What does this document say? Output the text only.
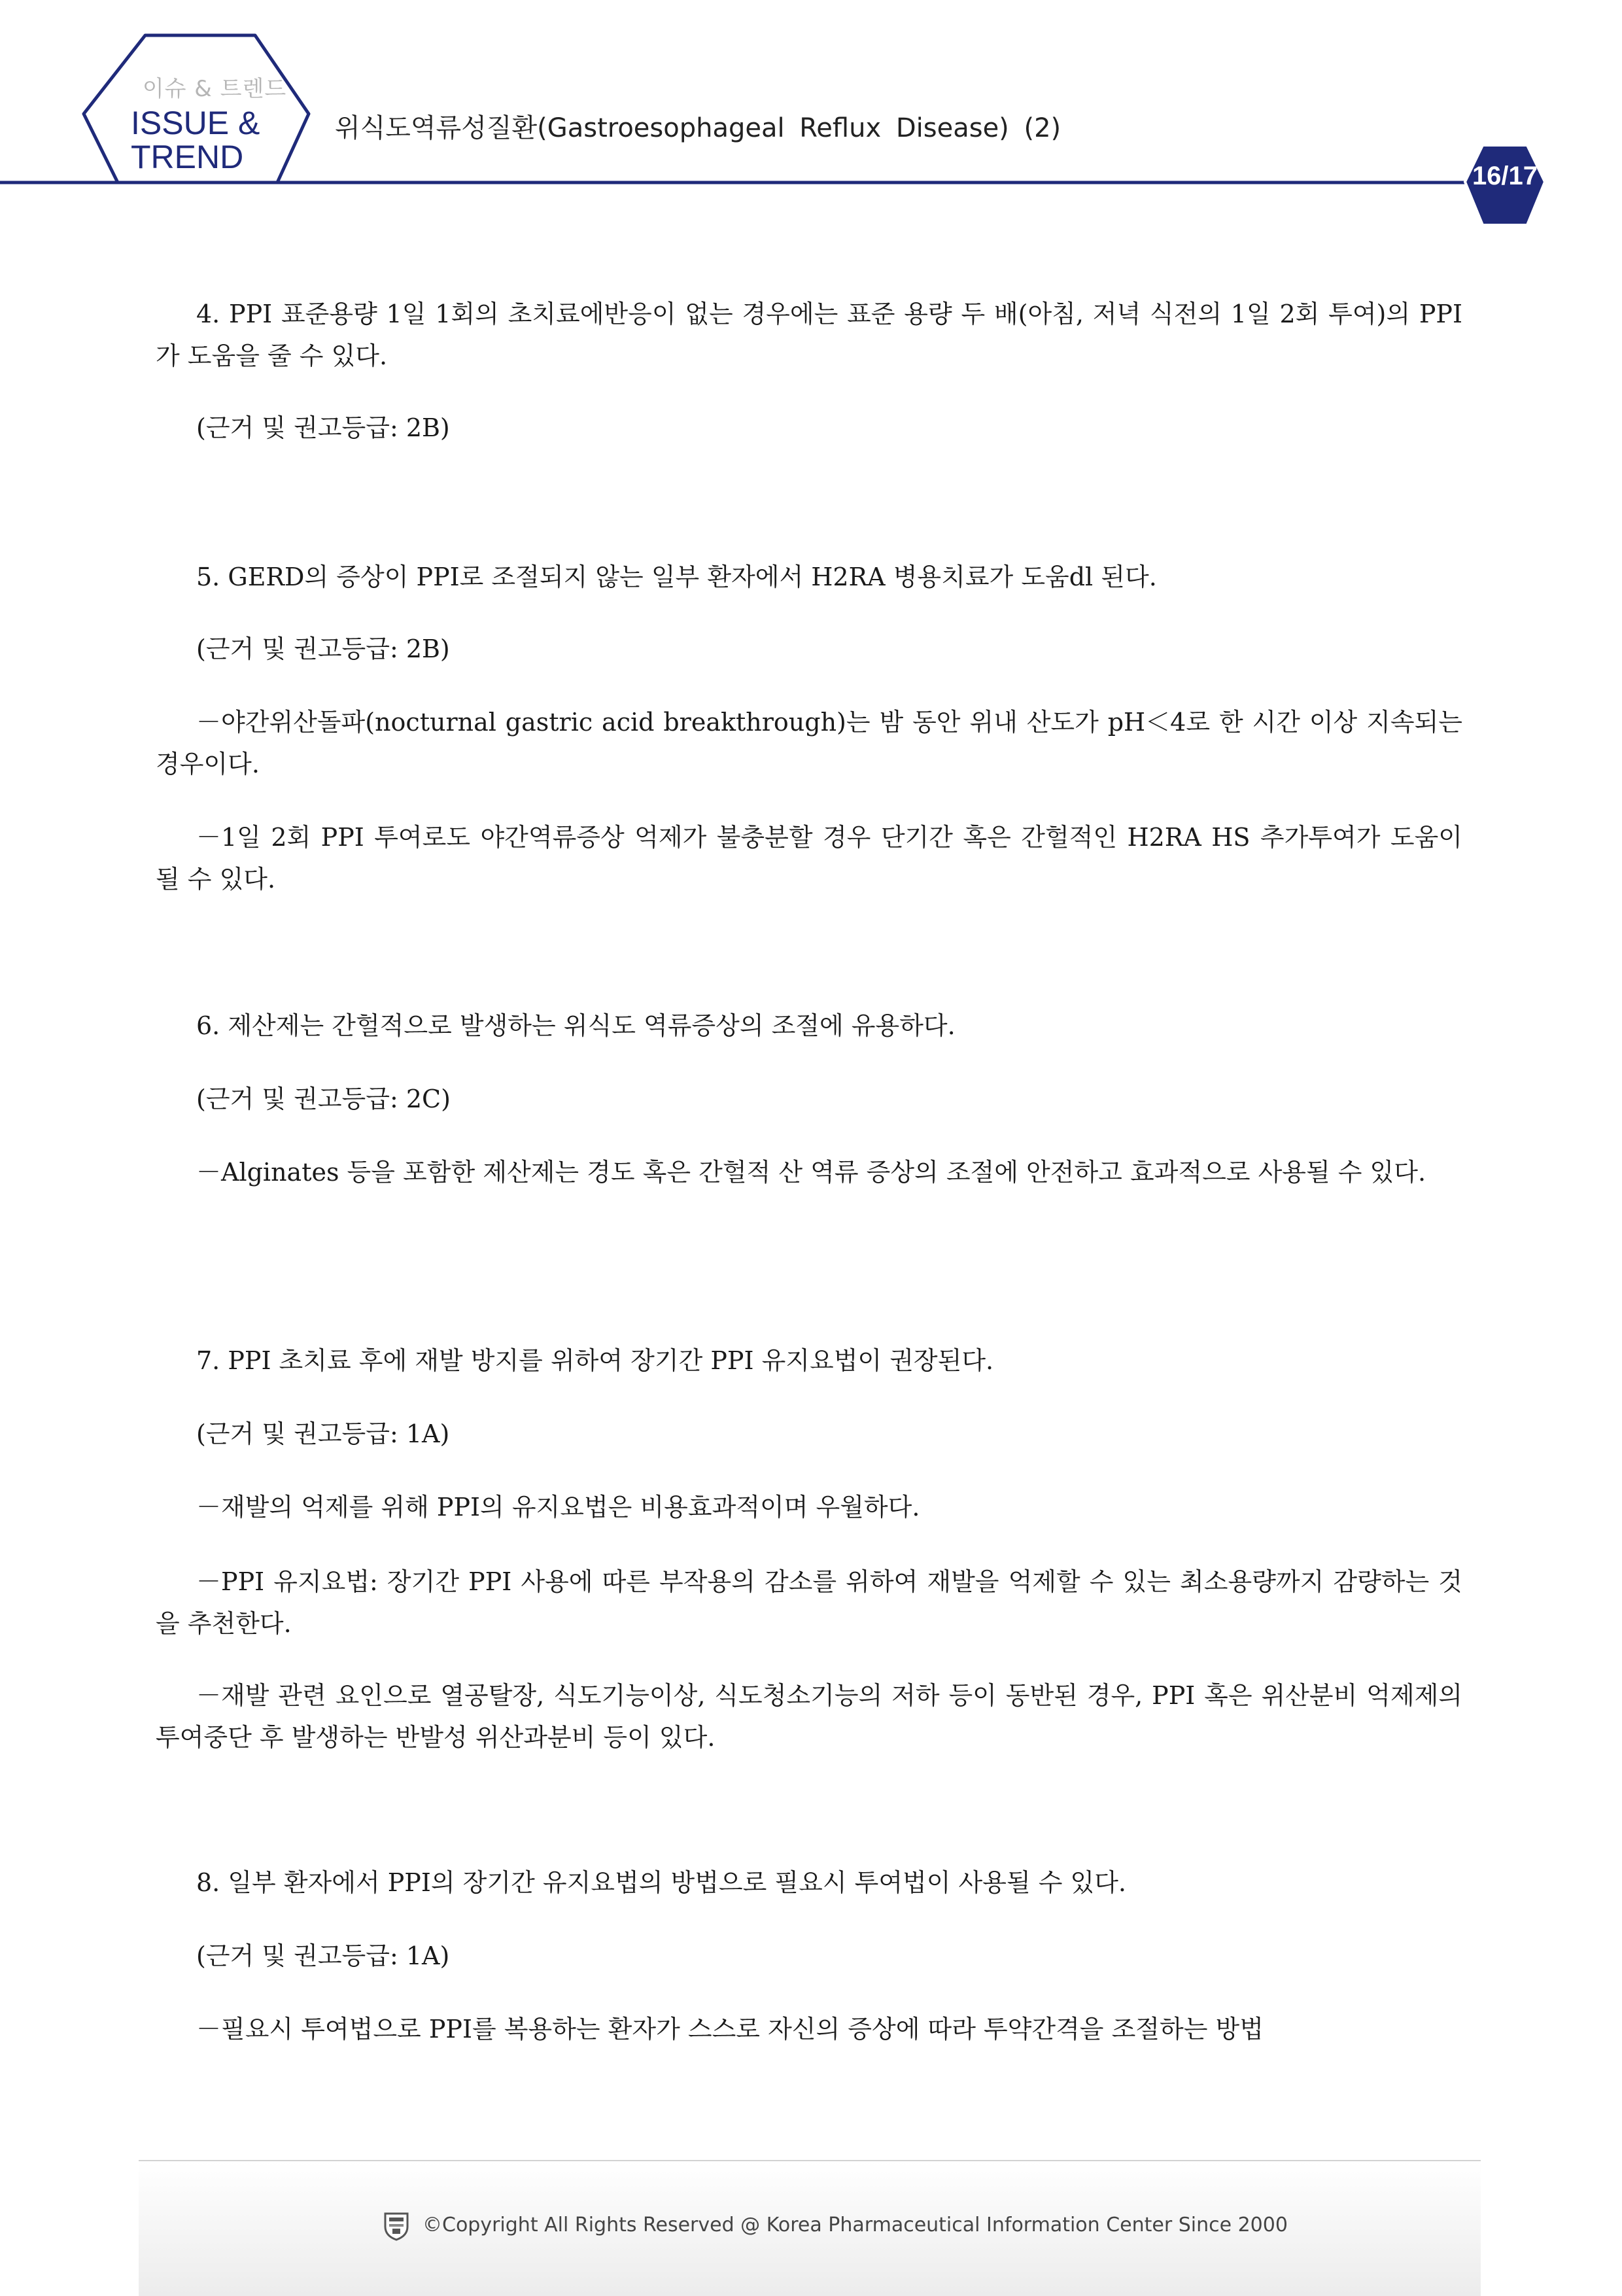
이슈 & 트렌드
ISSUE &
TREND
위식도역류성질환(Gastroesophageal Reflux Disease) (2)
16/17

4. PPI 표준용량 1일 1회의 초치료에반응이 없는 경우에는 표준 용량 두 배(아침, 저녁 식전의 1일 2회 투여)의 PPI가 도움을 줄 수 있다.

(근거 및 권고등급: 2B)

5. GERD의 증상이 PPI로 조절되지 않는 일부 환자에서 H2RA 병용치료가 도움dl 된다.

(근거 및 권고등급: 2B)

－야간위산돌파(nocturnal gastric acid breakthrough)는 밤 동안 위내 산도가 pH＜4로 한 시간 이상 지속되는 경우이다.

－1일 2회 PPI 투여로도 야간역류증상 억제가 불충분할 경우 단기간 혹은 간헐적인 H2RA HS 추가투여가 도움이 될 수 있다.

6. 제산제는 간헐적으로 발생하는 위식도 역류증상의 조절에 유용하다.

(근거 및 권고등급: 2C)

－Alginates 등을 포함한 제산제는 경도 혹은 간헐적 산 역류 증상의 조절에 안전하고 효과적으로 사용될 수 있다.

7. PPI 초치료 후에 재발 방지를 위하여 장기간 PPI 유지요법이 권장된다.

(근거 및 권고등급: 1A)

－재발의 억제를 위해 PPI의 유지요법은 비용효과적이며 우월하다.

－PPI 유지요법: 장기간 PPI 사용에 따른 부작용의 감소를 위하여 재발을 억제할 수 있는 최소용량까지 감량하는 것을 추천한다.

－재발 관련 요인으로 열공탈장, 식도기능이상, 식도청소기능의 저하 등이 동반된 경우, PPI 혹은 위산분비 억제제의 투여중단 후 발생하는 반발성 위산과분비 등이 있다.

8. 일부 환자에서 PPI의 장기간 유지요법의 방법으로 필요시 투여법이 사용될 수 있다.

(근거 및 권고등급: 1A)

－필요시 투여법으로 PPI를 복용하는 환자가 스스로 자신의 증상에 따라 투약간격을 조절하는 방법

©Copyright All Rights Reserved @ Korea Pharmaceutical Information Center Since 2000
